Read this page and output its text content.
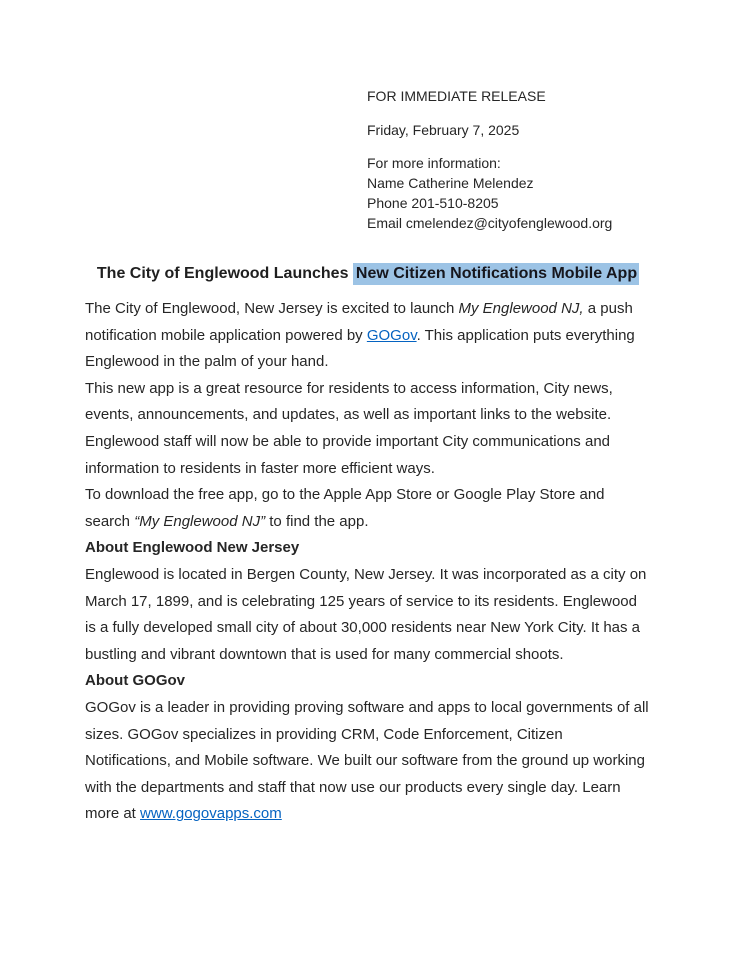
FOR IMMEDIATE RELEASE
Friday, February 7, 2025
For more information:
Name Catherine Melendez
Phone 201-510-8205
Email cmelendez@cityofenglewood.org
The City of Englewood Launches New Citizen Notifications Mobile App

The City of Englewood, New Jersey is excited to launch My Englewood NJ, a push notification mobile application powered by GOGov. This application puts everything Englewood in the palm of your hand.

This new app is a great resource for residents to access information, City news, events, announcements, and updates, as well as important links to the website. Englewood staff will now be able to provide important City communications and information to residents in faster more efficient ways.

To download the free app, go to the Apple App Store or Google Play Store and search “My Englewood NJ” to find the app.

About Englewood New Jersey

Englewood is located in Bergen County, New Jersey. It was incorporated as a city on March 17, 1899, and is celebrating 125 years of service to its residents. Englewood is a fully developed small city of about 30,000 residents near New York City. It has a bustling and vibrant downtown that is used for many commercial shoots.

About GOGov

GOGov is a leader in providing proving software and apps to local governments of all sizes. GOGov specializes in providing CRM, Code Enforcement, Citizen Notifications, and Mobile software. We built our software from the ground up working with the departments and staff that now use our products every single day. Learn more at www.gogovapps.com
